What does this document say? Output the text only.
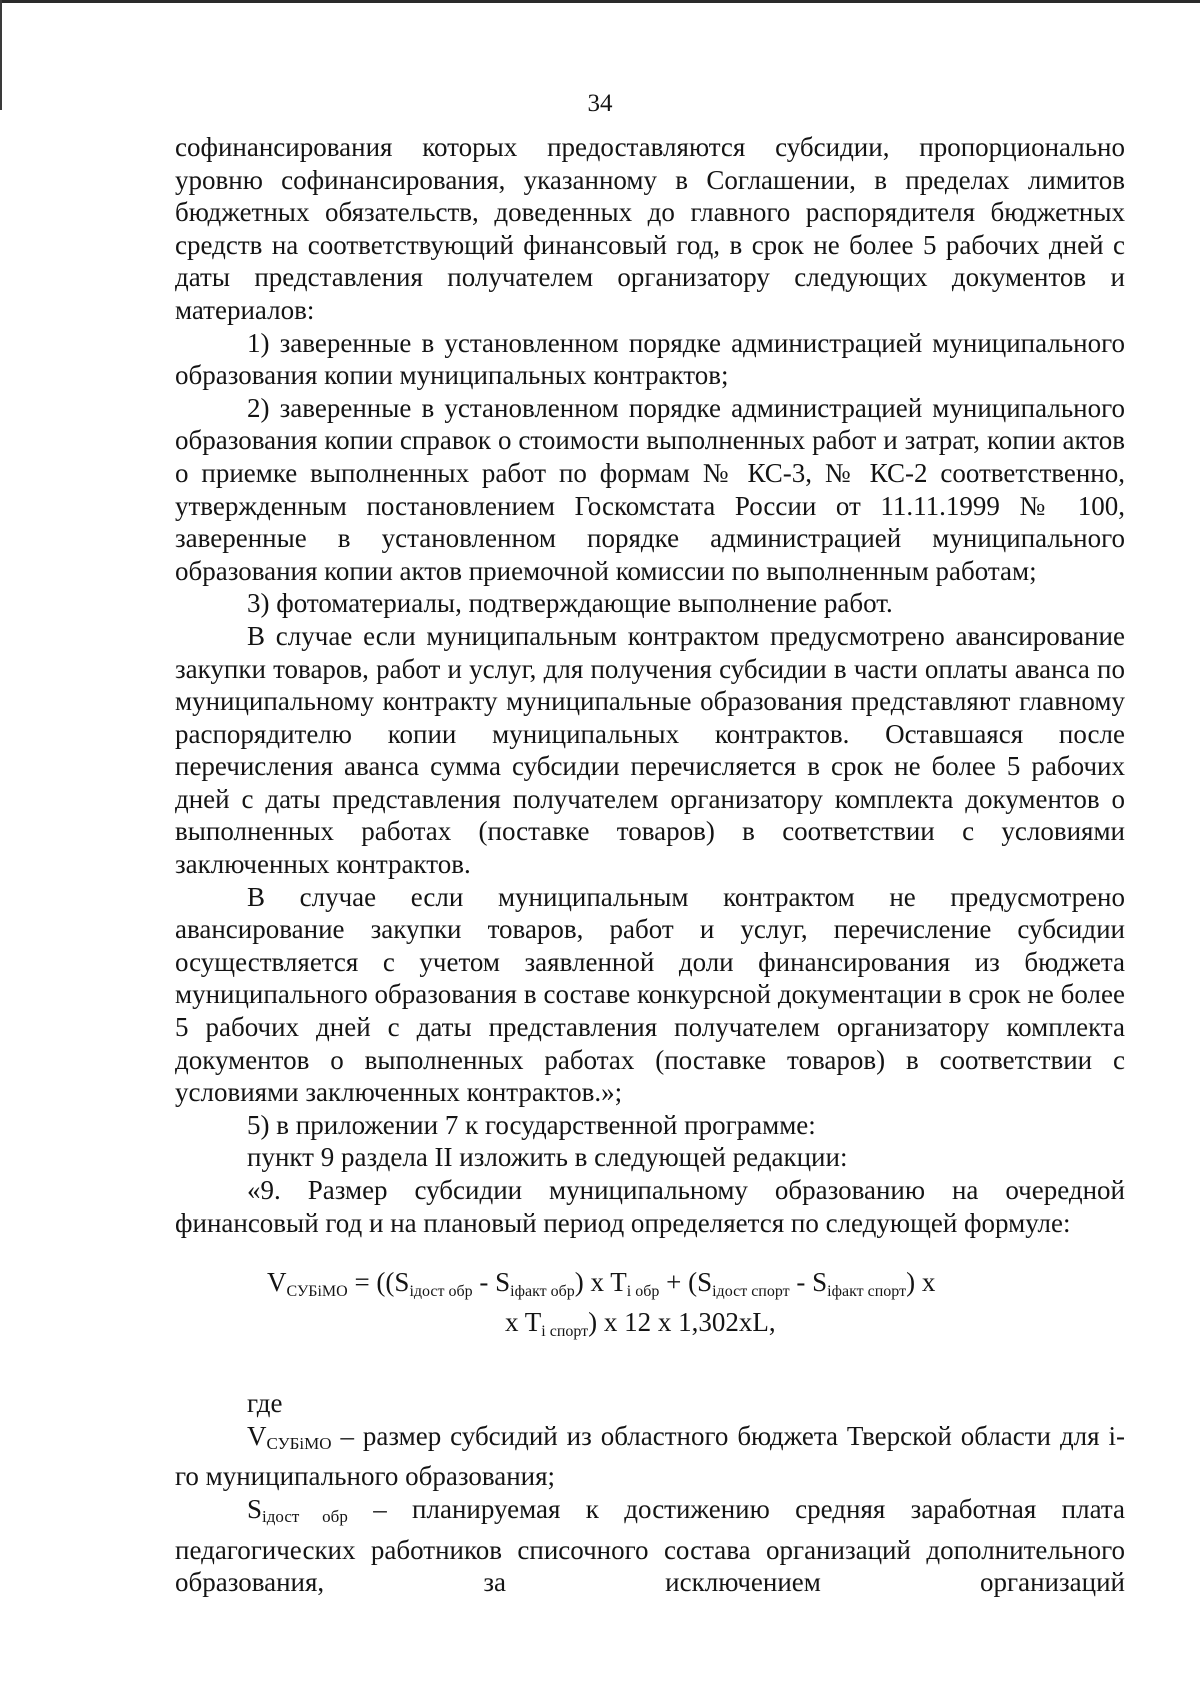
34

софинансирования которых предоставляются субсидии, пропорционально уровню софинансирования, указанному в Соглашении, в пределах лимитов бюджетных обязательств, доведенных до главного распорядителя бюджетных средств на соответствующий финансовый год, в срок не более 5 рабочих дней с даты представления получателем организатору следующих документов и материалов:

1) заверенные в установленном порядке администрацией муниципального образования копии муниципальных контрактов;

2) заверенные в установленном порядке администрацией муниципального образования копии справок о стоимости выполненных работ и затрат, копии актов о приемке выполненных работ по формам № КС-3, № КС-2 соответственно, утвержденным постановлением Госкомстата России от 11.11.1999 № 100, заверенные в установленном порядке администрацией муниципального образования копии актов приемочной комиссии по выполненным работам;

3) фотоматериалы, подтверждающие выполнение работ.

В случае если муниципальным контрактом предусмотрено авансирование закупки товаров, работ и услуг, для получения субсидии в части оплаты аванса по муниципальному контракту муниципальные образования представляют главному распорядителю копии муниципальных контрактов. Оставшаяся после перечисления аванса сумма субсидии перечисляется в срок не более 5 рабочих дней с даты представления получателем организатору комплекта документов о выполненных работах (поставке товаров) в соответствии с условиями заключенных контрактов.

В случае если муниципальным контрактом не предусмотрено авансирование закупки товаров, работ и услуг, перечисление субсидии осуществляется с учетом заявленной доли финансирования из бюджета муниципального образования в составе конкурсной документации в срок не более 5 рабочих дней с даты представления получателем организатору комплекта документов о выполненных работах (поставке товаров) в соответствии с условиями заключенных контрактов.»;

5) в приложении 7 к государственной программе:

пункт 9 раздела II изложить в следующей редакции:

«9. Размер субсидии муниципальному образованию на очередной финансовый год и на плановый период определяется по следующей формуле:

$V_{СУБiМО} = ((S_{iдост обр} - S_{iфакт обр})$ x $T_{i обр} + (S_{iдост спорт} - S_{iфакт спорт})$ x
x $T_{i спорт}$) x 12 x 1,302xL,

где

$V_{СУБiМО}$ – размер субсидий из областного бюджета Тверской области для i-го муниципального образования;

$S_{iдост обр}$ – планируемая к достижению средняя заработная плата педагогических работников списочного состава организаций дополнительного образования, за исключением организаций
